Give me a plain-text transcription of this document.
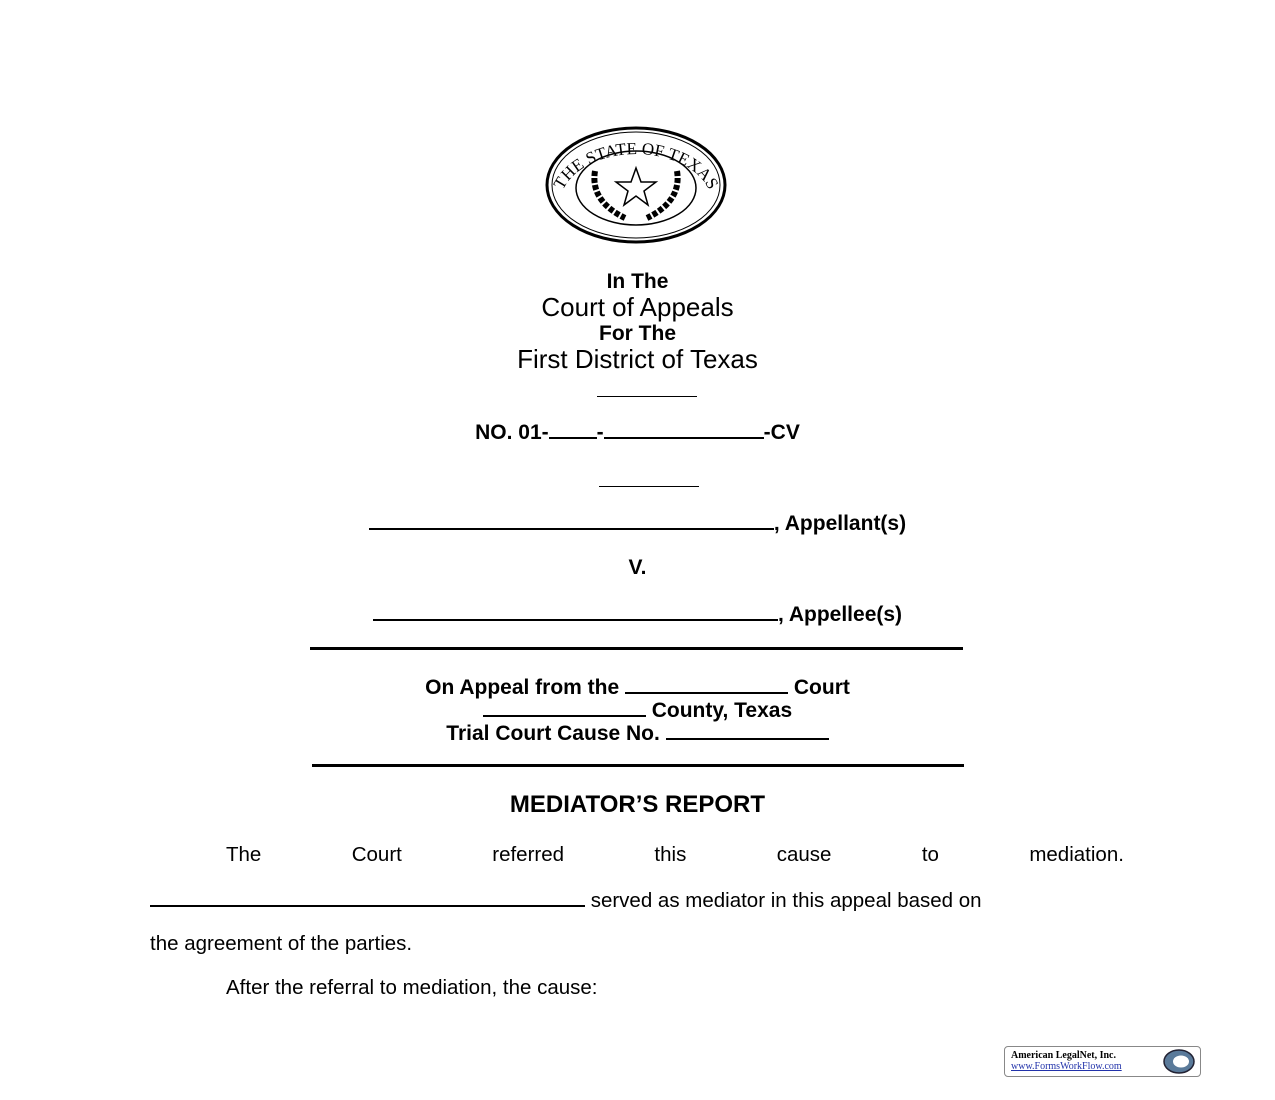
THE STATE OF TEXAS
In The
Court of Appeals
For The
First District of Texas
NO. 01- -	-CV
, Appellant(s)
V.
, Appellee(s)
On Appeal from the	Court
County, Texas
Trial Court Cause No.
MEDIATOR’S REPORT
The	Court	referred	this	cause	to	mediation.
served as mediator in this appeal based on
the agreement of the parties.
After the referral to mediation, the cause:
American LegalNet, Inc.
www.FormsWorkFlow.com
